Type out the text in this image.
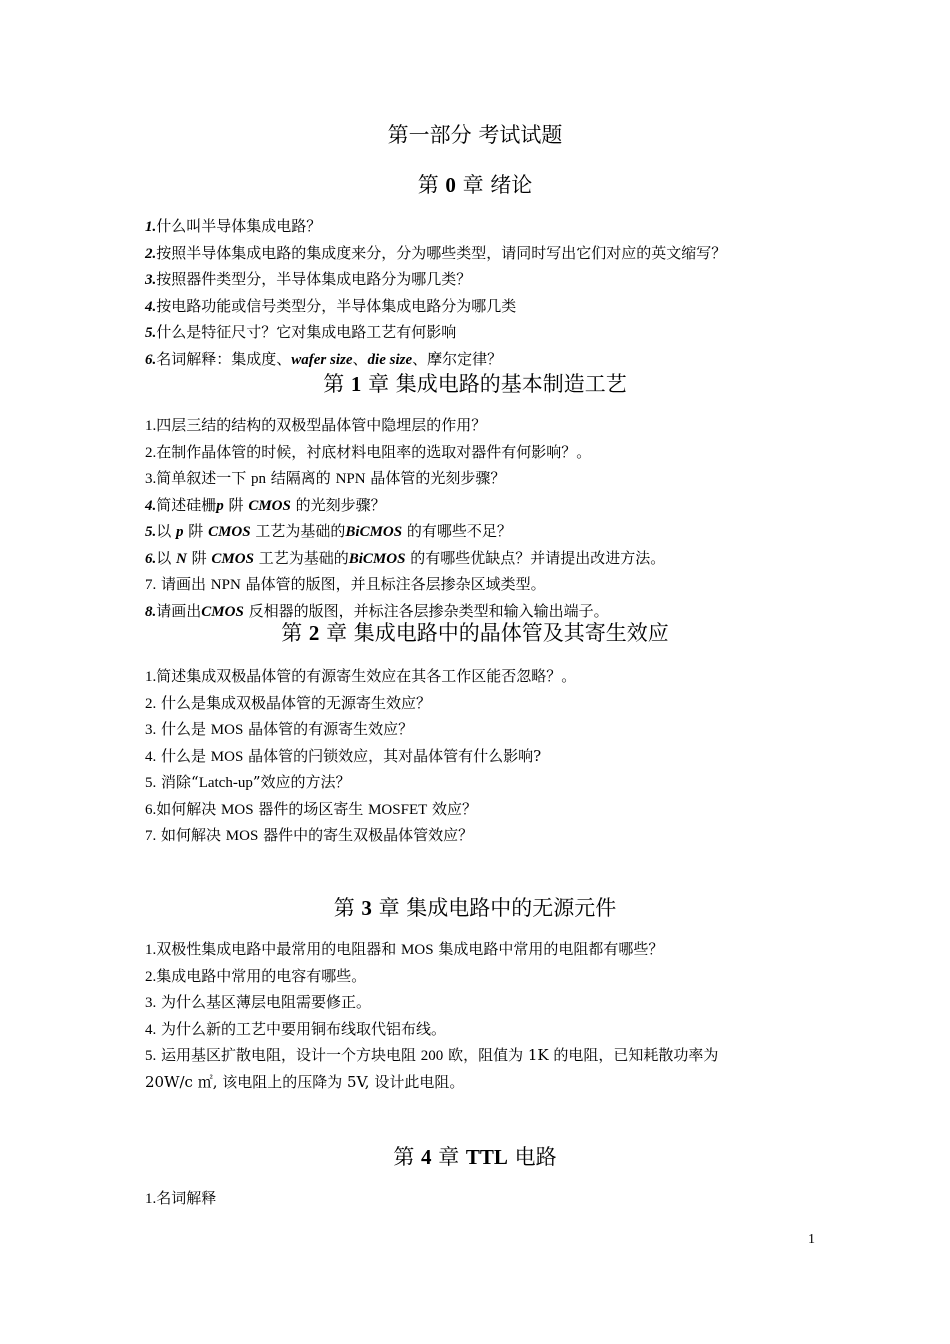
第一部分 考试试题
第 0 章 绪论
1.什么叫半导体集成电路？
2.按照半导体集成电路的集成度来分，分为哪些类型，请同时写出它们对应的英文缩写？
3.按照器件类型分，半导体集成电路分为哪几类？
4.按电路功能或信号类型分，半导体集成电路分为哪几类
5.什么是特征尺寸？它对集成电路工艺有何影响
6.名词解释：集成度、wafer size、die size、摩尔定律？
第 1 章 集成电路的基本制造工艺
1.四层三结的结构的双极型晶体管中隐埋层的作用？
2.在制作晶体管的时候，衬底材料电阻率的选取对器件有何影响？。
3.简单叙述一下 pn 结隔离的 NPN 晶体管的光刻步骤？
4.简述硅栅p 阱 CMOS 的光刻步骤？
5.以 p 阱 CMOS 工艺为基础的BiCMOS 的有哪些不足？
6.以 N 阱 CMOS 工艺为基础的BiCMOS 的有哪些优缺点？并请提出改进方法。
7. 请画出 NPN 晶体管的版图，并且标注各层掺杂区域类型。
8.请画出CMOS 反相器的版图，并标注各层掺杂类型和输入输出端子。
第 2 章 集成电路中的晶体管及其寄生效应
1.简述集成双极晶体管的有源寄生效应在其各工作区能否忽略？。
2. 什么是集成双极晶体管的无源寄生效应？
3. 什么是 MOS 晶体管的有源寄生效应？
4. 什么是 MOS 晶体管的闩锁效应，其对晶体管有什么影响?
5. 消除“Latch-up”效应的方法？
6.如何解决 MOS 器件的场区寄生 MOSFET 效应？
7. 如何解决 MOS 器件中的寄生双极晶体管效应？
第 3 章 集成电路中的无源元件
1.双极性集成电路中最常用的电阻器和 MOS 集成电路中常用的电阻都有哪些？
2.集成电路中常用的电容有哪些。
3. 为什么基区薄层电阻需要修正。
4. 为什么新的工艺中要用铜布线取代铝布线。
5. 运用基区扩散电阻，设计一个方块电阻 200 欧，阻值为 1K 的电阻，已知耗散功率为
20W/c ㎡, 该电阻上的压降为 5V, 设计此电阻。
第 4 章 TTL 电路
1.名词解释
1
